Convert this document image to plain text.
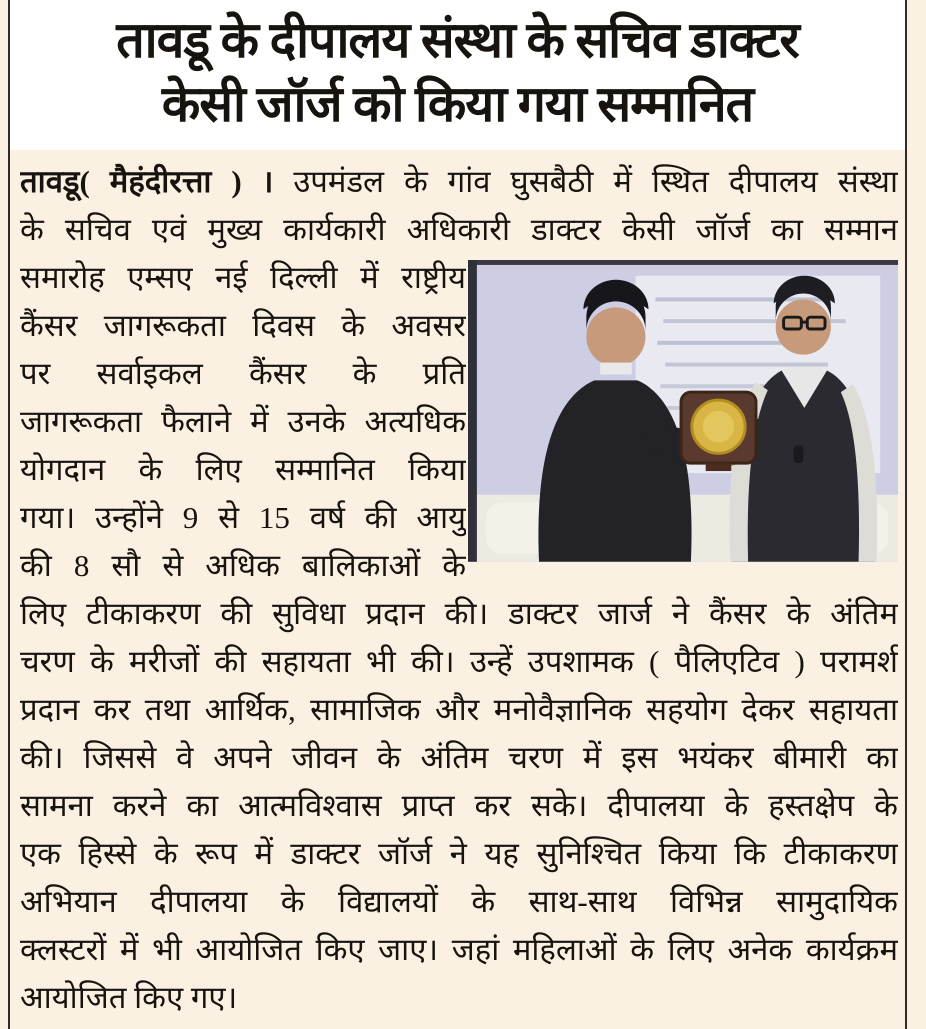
तावडू के दीपालय संस्था के सचिव डाक्टर
केसी जॉर्ज को किया गया सम्मानित
तावडू( मैहंदीरत्ता ) । उपमंडल के गांव घुसबैठी में स्थित दीपालय संस्था
के सचिव एवं मुख्य कार्यकारी अधिकारी डाक्टर केसी जॉर्ज का सम्मान
समारोह एम्सए नई दिल्ली में राष्ट्रीय
कैंसर जागरूकता दिवस के अवसर
पर सर्वाइकल कैंसर के प्रति
जागरूकता फैलाने में उनके अत्यधिक
योगदान के लिए सम्मानित किया
गया। उन्होंने 9 से 15 वर्ष की आयु
की 8 सौ से अधिक बालिकाओं के
लिए टीकाकरण की सुविधा प्रदान की। डाक्टर जार्ज ने कैंसर के अंतिम
चरण के मरीजों की सहायता भी की। उन्हें उपशामक ( पैलिएटिव ) परामर्श
प्रदान कर तथा आर्थिक, सामाजिक और मनोवैज्ञानिक सहयोग देकर सहायता
की। जिससे वे अपने जीवन के अंतिम चरण में इस भयंकर बीमारी का
सामना करने का आत्मविश्वास प्राप्त कर सके। दीपालया के हस्तक्षेप के
एक हिस्से के रूप में डाक्टर जॉर्ज ने यह सुनिश्चित किया कि टीकाकरण
अभियान दीपालया के विद्यालयों के साथ-साथ विभिन्न सामुदायिक
क्लस्टरों में भी आयोजित किए जाए। जहां महिलाओं के लिए अनेक कार्यक्रम
आयोजित किए गए।
